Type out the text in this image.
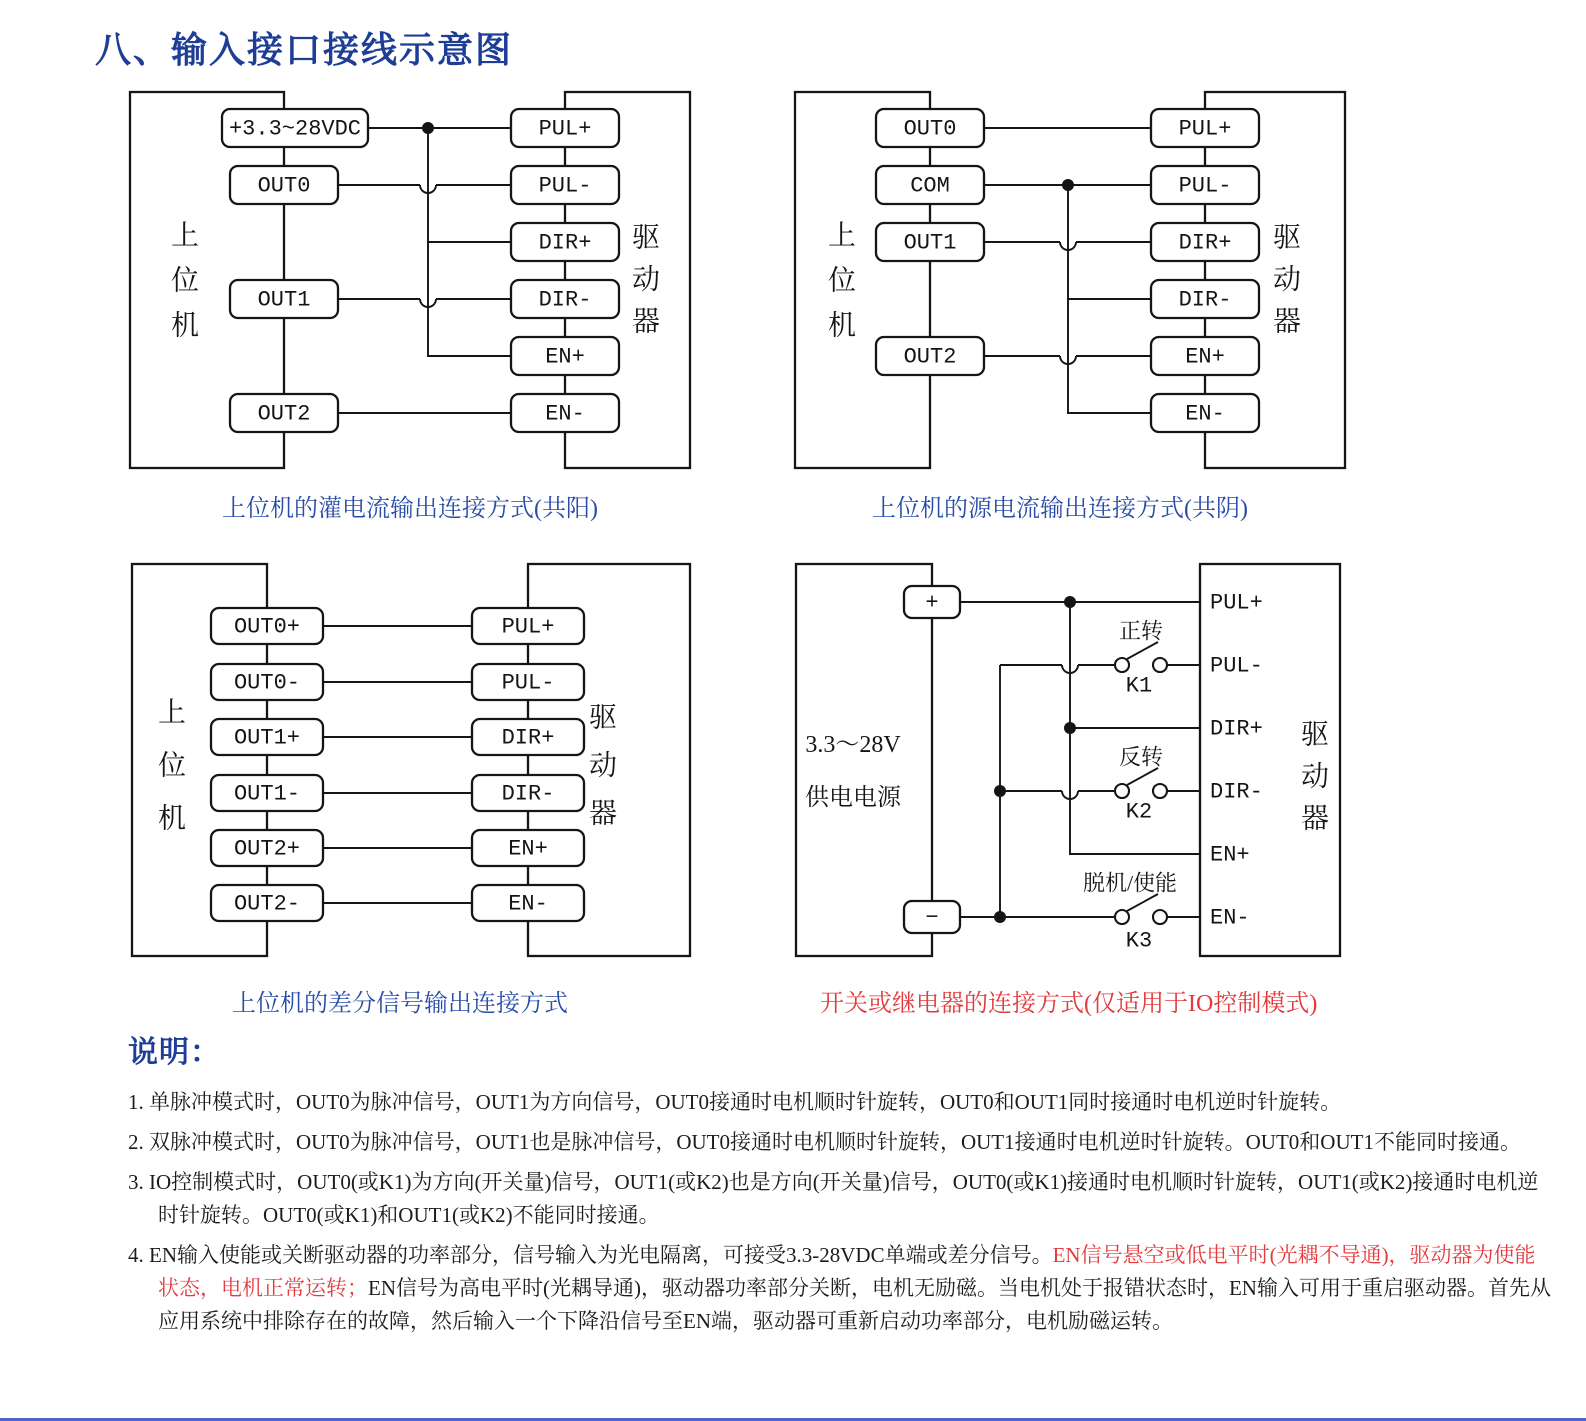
八、输入接口接线示意图
+3.3~28VDC
OUT0
OUT1
OUT2
PUL+
PUL-
DIR+
DIR-
EN+
EN-
上
位
机
驱
动
器
OUT0
COM
OUT1
OUT2
PUL+
PUL-
DIR+
DIR-
EN+
EN-
上
位
机
驱
动
器
OUT0+
OUT0-
OUT1+
OUT1-
OUT2+
OUT2-
PUL+
PUL-
DIR+
DIR-
EN+
EN-
上
位
机
驱
动
器
+
−
3.3～28V
供电电源
正转
K1
反转
K2
脱机/使能
K3
PUL+
PUL-
DIR+
DIR-
EN+
EN-
驱
动
器
上位机的灌电流输出连接方式(共阳)	上位机的源电流输出连接方式(共阴)
上位机的差分信号输出连接方式	开关或继电器的连接方式(仅适用于IO控制模式)
说明：
1. 单脉冲模式时，OUT0为脉冲信号，OUT1为方向信号，OUT0接通时电机顺时针旋转，OUT0和OUT1同时接通时电机逆时针旋转。
2. 双脉冲模式时，OUT0为脉冲信号，OUT1也是脉冲信号，OUT0接通时电机顺时针旋转，OUT1接通时电机逆时针旋转。OUT0和OUT1不能同时接通。
3. IO控制模式时，OUT0(或K1)为方向(开关量)信号，OUT1(或K2)也是方向(开关量)信号，OUT0(或K1)接通时电机顺时针旋转，OUT1(或K2)接通时电机逆时针旋转。OUT0(或K1)和OUT1(或K2)不能同时接通。
4. EN输入使能或关断驱动器的功率部分，信号输入为光电隔离，可接受3.3-28VDC单端或差分信号。EN信号悬空或低电平时(光耦不导通)，驱动器为使能状态，电机正常运转；EN信号为高电平时(光耦导通)，驱动器功率部分关断，电机无励磁。当电机处于报错状态时，EN输入可用于重启驱动器。首先从应用系统中排除存在的故障，然后输入一个下降沿信号至EN端，驱动器可重新启动功率部分，电机励磁运转。
